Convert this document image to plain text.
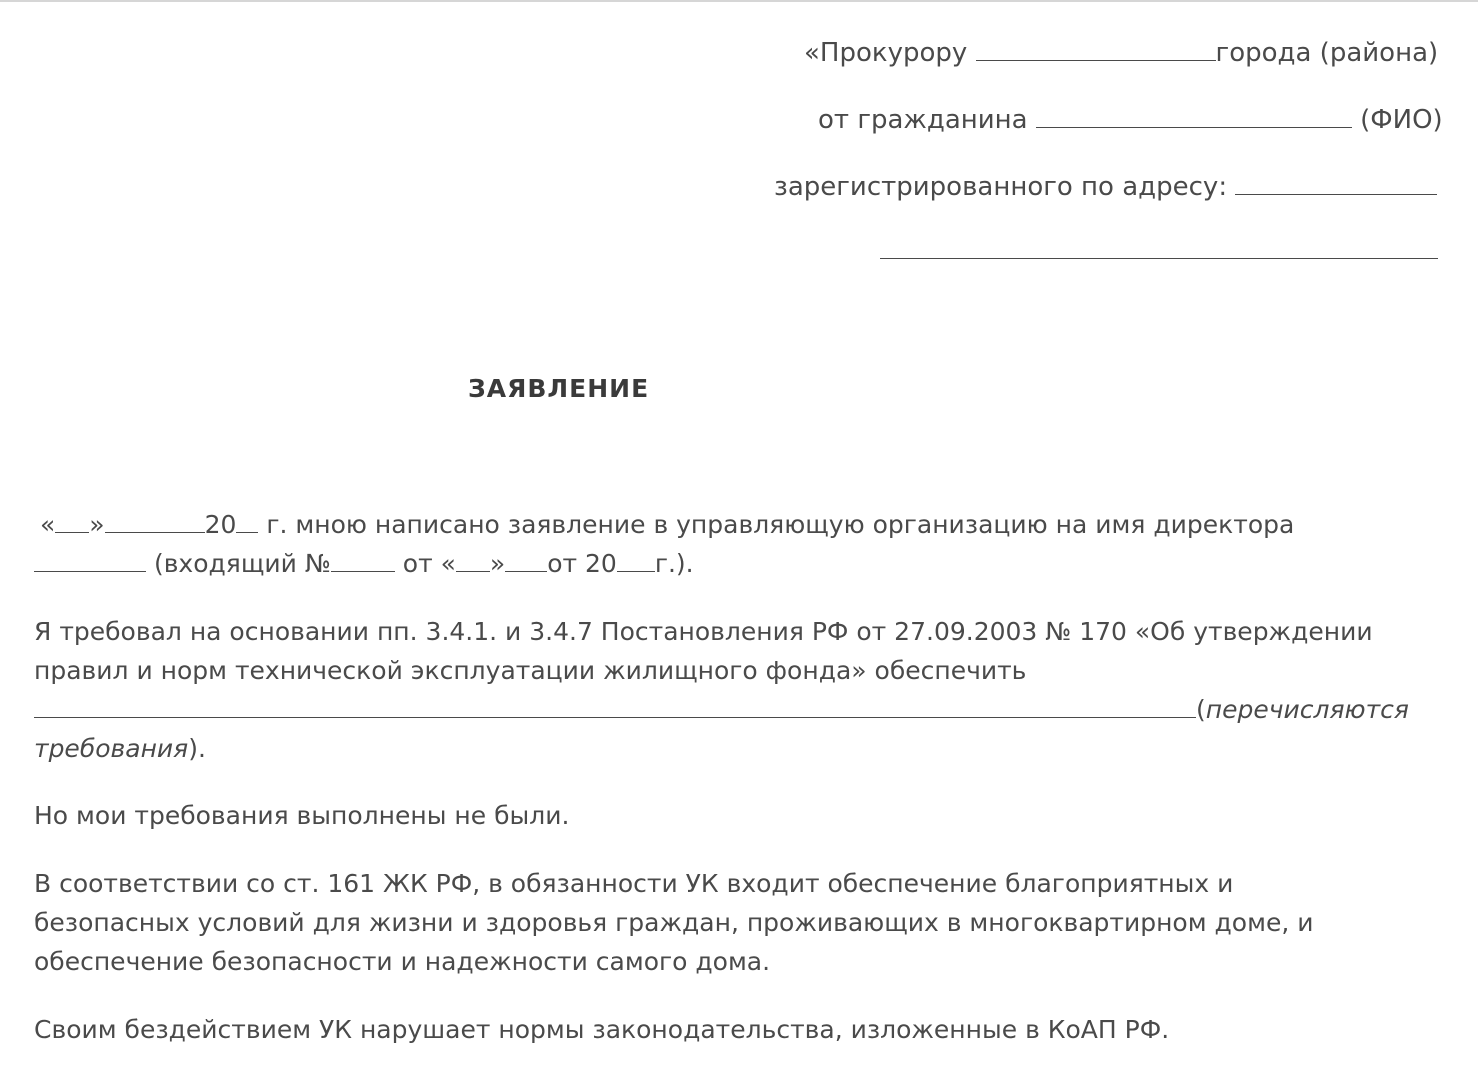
«Прокурору	города (района)
от гражданина	(ФИО)
зарегистрированного по адресу:
ЗАЯВЛЕНИЕ
« »	20 г. мною написано заявление в управляющую организацию на имя директора
(входящий №	от « » от 20 г.).
Я требовал на основании пп. 3.4.1. и 3.4.7 Постановления РФ от 27.09.2003 № 170 «Об утверждении
правил и норм технической эксплуатации жилищного фонда» обеспечить
(перечисляются
требования).
Но мои требования выполнены не были.
В соответствии со ст. 161 ЖК РФ, в обязанности УК входит обеспечение благоприятных и
безопасных условий для жизни и здоровья граждан, проживающих в многоквартирном доме, и
обеспечение безопасности и надежности самого дома.
Своим бездействием УК нарушает нормы законодательства, изложенные в КоАП РФ.
